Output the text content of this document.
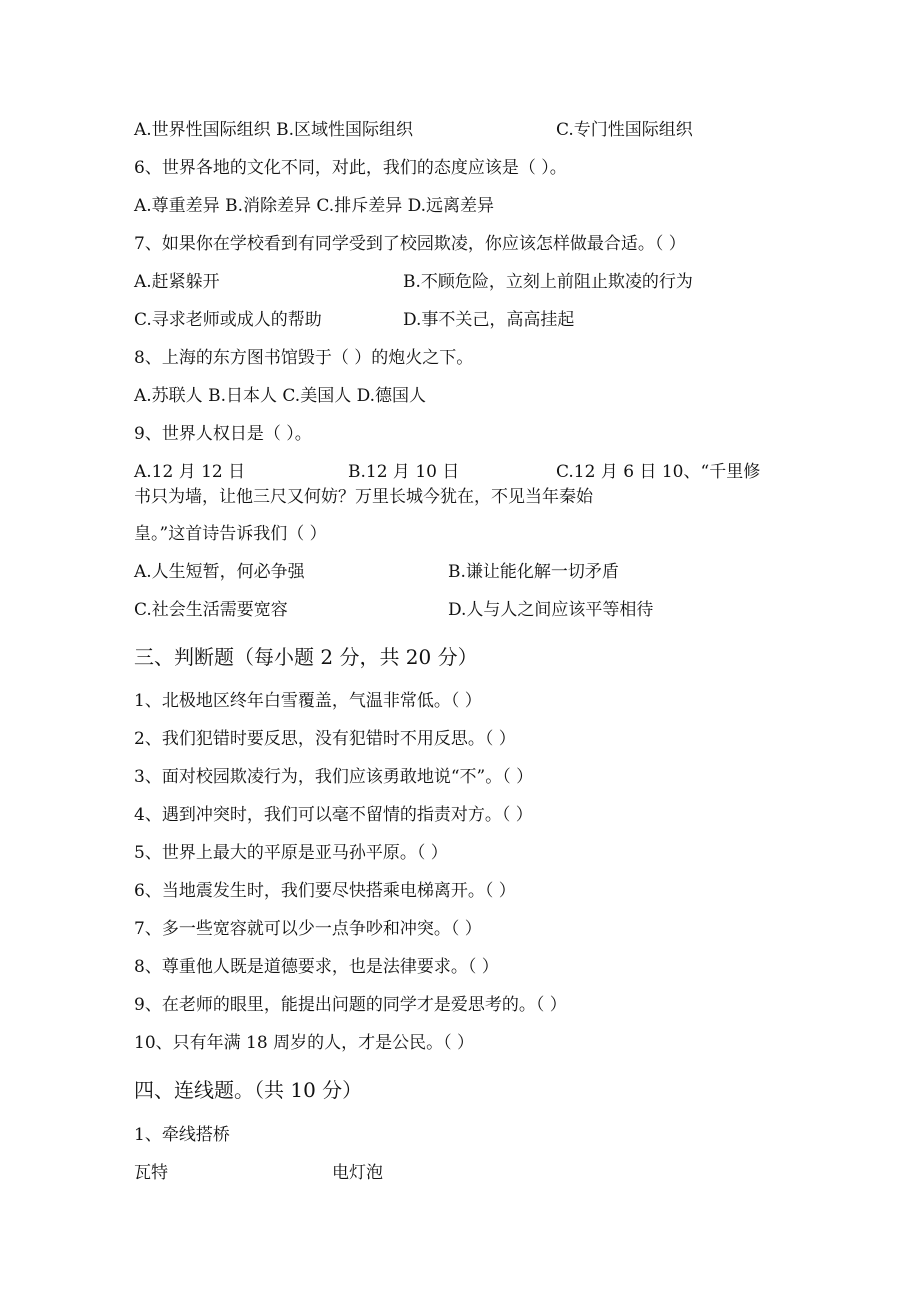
A.世界性国际组织 B.区域性国际组织	C.专门性国际组织
6、世界各地的文化不同，对此，我们的态度应该是（ ）。
A.尊重差异 B.消除差异 C.排斥差异 D.远离差异
7、如果你在学校看到有同学受到了校园欺凌，你应该怎样做最合适。（ ）
A.赶紧躲开	B.不顾危险，立刻上前阻止欺凌的行为
C.寻求老师或成人的帮助	D.事不关己，高高挂起
8、上海的东方图书馆毁于（ ）的炮火之下。
A.苏联人 B.日本人 C.美国人 D.德国人
9、世界人权日是（ ）。
A.12 月 12 日	B.12 月 10 日	C.12 月 6 日 10、“千里修
书只为墙，让他三尺又何妨？万里长城今犹在，不见当年秦始
皇。”这首诗告诉我们（ ）
A.人生短暂，何必争强	B.谦让能化解一切矛盾
C.社会生活需要宽容	D.人与人之间应该平等相待
三、判断题（每小题 2 分，共 20 分）
1、北极地区终年白雪覆盖，气温非常低。（ ）
2、我们犯错时要反思，没有犯错时不用反思。（ ）
3、面对校园欺凌行为，我们应该勇敢地说“不”。（ ）
4、遇到冲突时，我们可以毫不留情的指责对方。（ ）
5、世界上最大的平原是亚马孙平原。（ ）
6、当地震发生时，我们要尽快搭乘电梯离开。（ ）
7、多一些宽容就可以少一点争吵和冲突。（ ）
8、尊重他人既是道德要求，也是法律要求。（ ）
9、在老师的眼里，能提出问题的同学才是爱思考的。（ ）
10、只有年满 18 周岁的人，才是公民。（ ）
四、连线题。（共 10 分）
1、牵线搭桥
瓦特	电灯泡
